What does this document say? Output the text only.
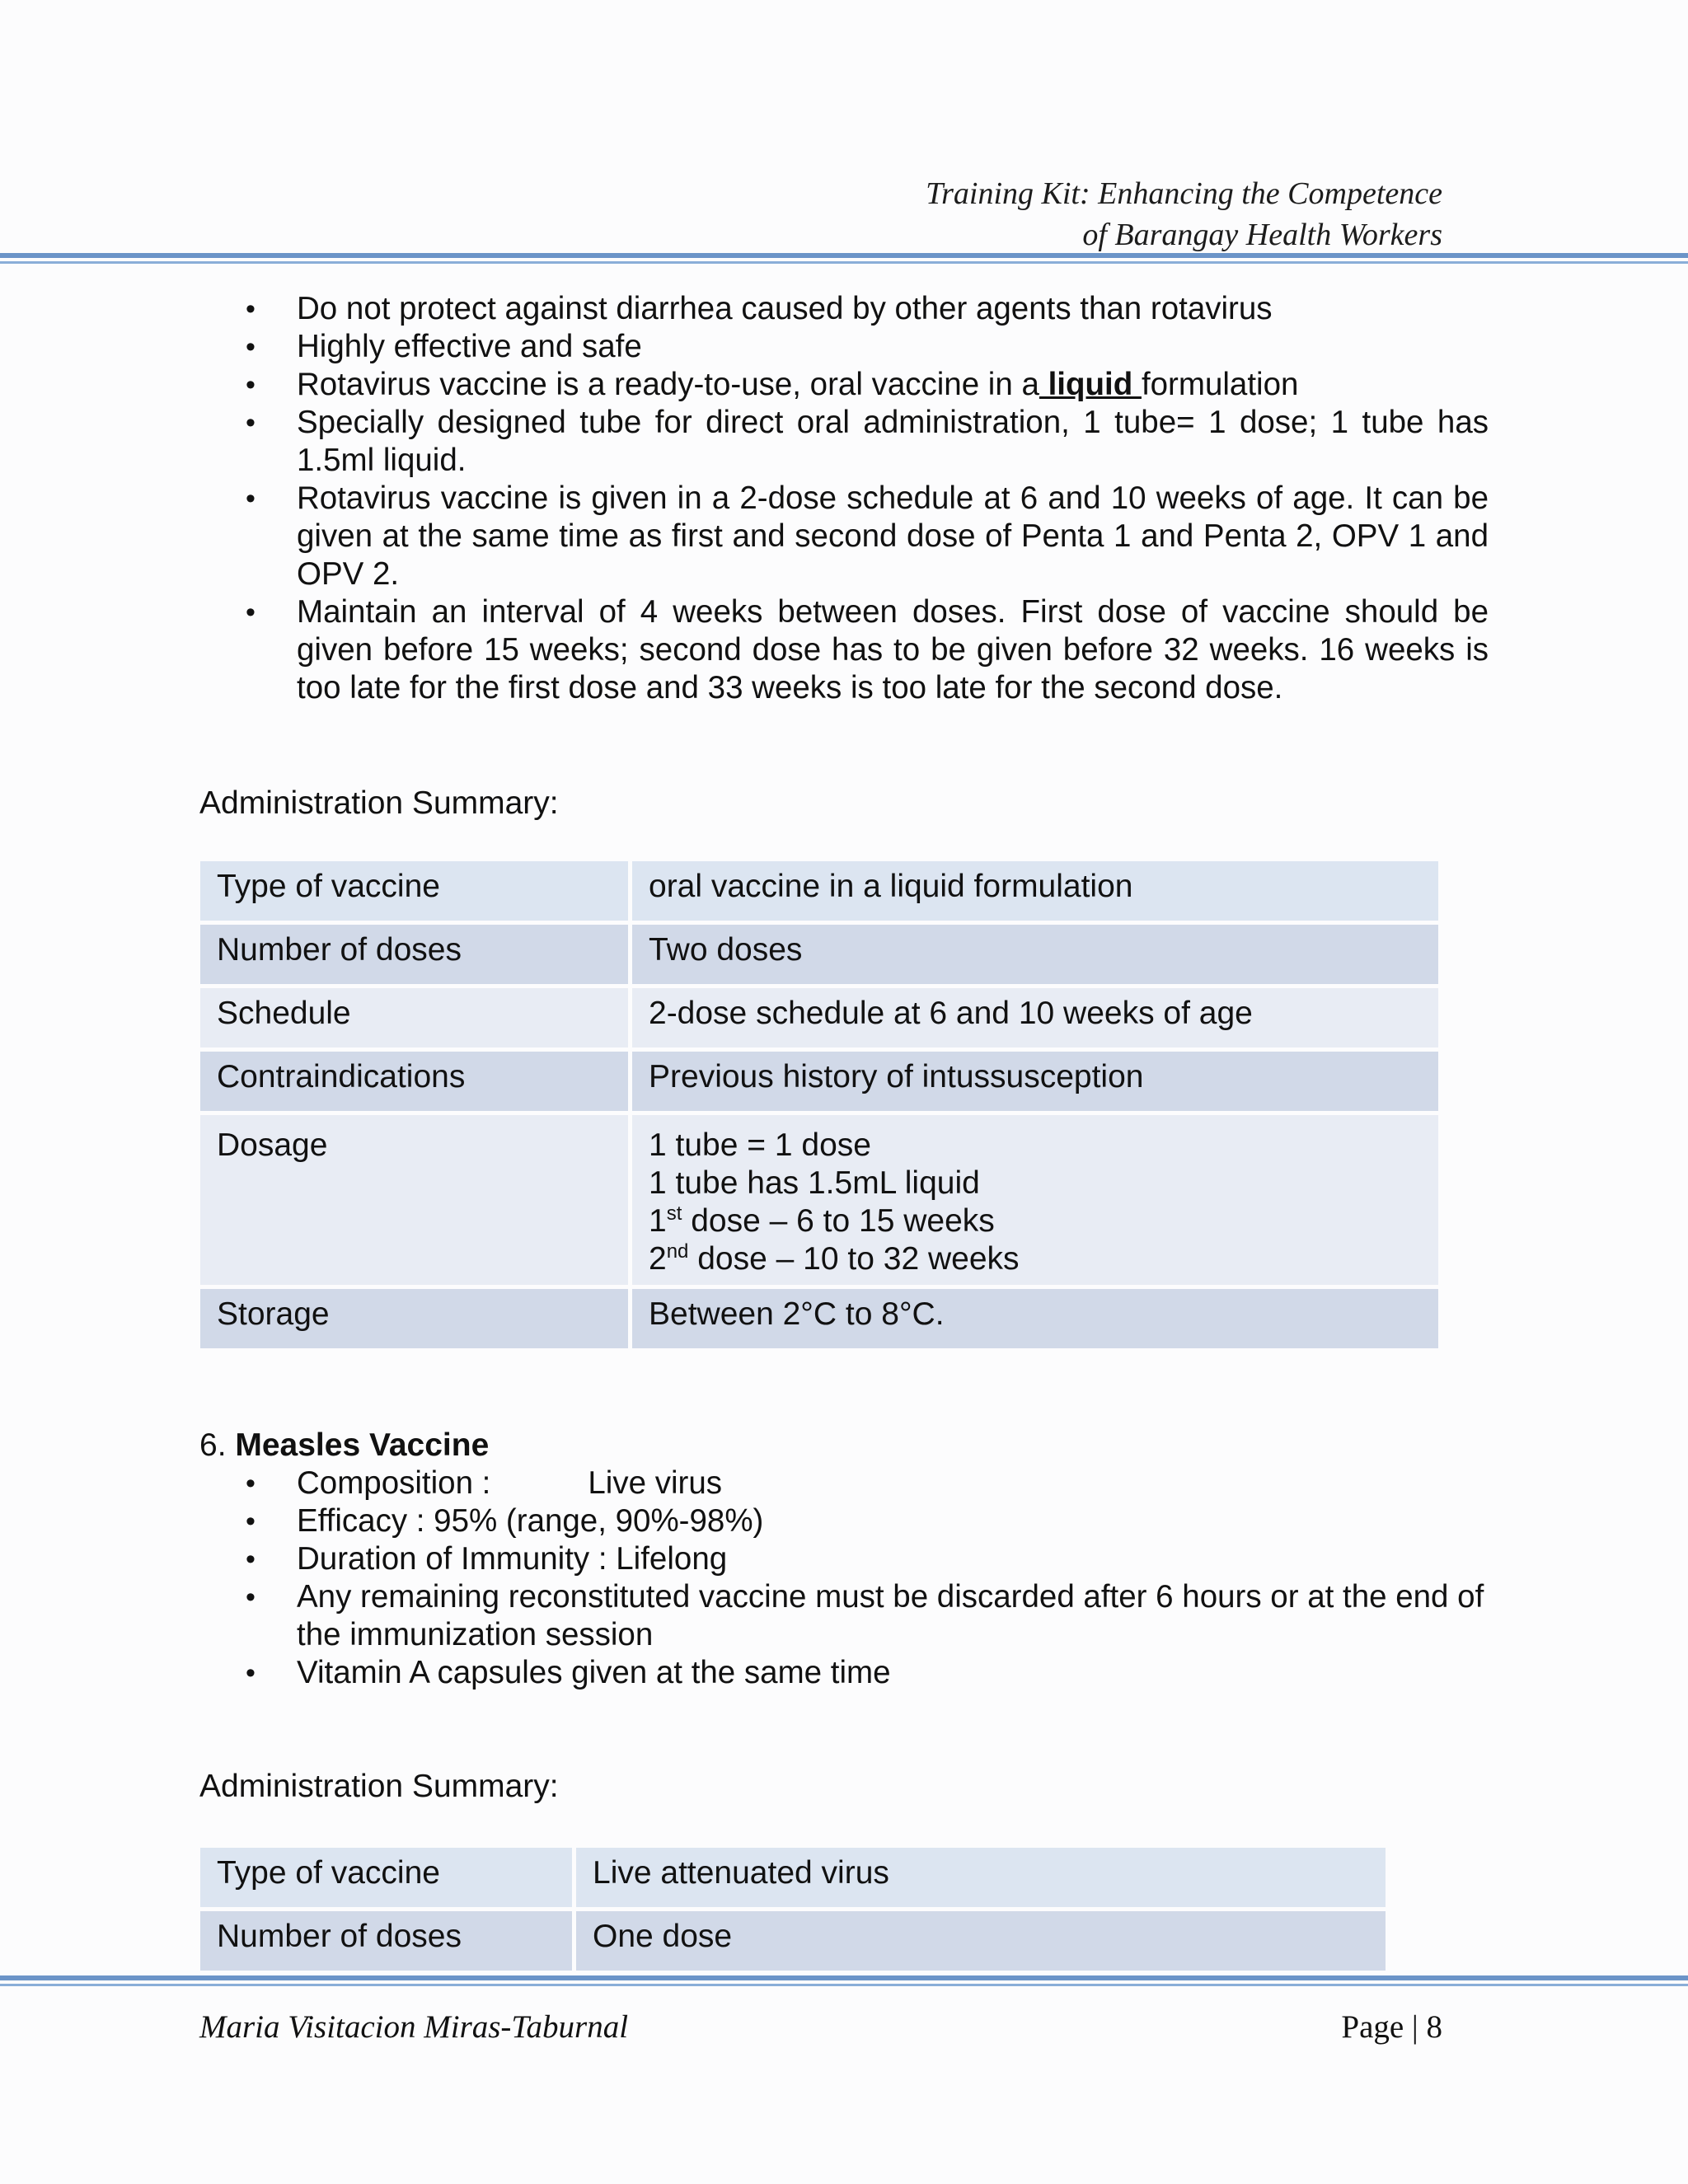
Training Kit: Enhancing the Competence
of Barangay Health Workers
• Do not protect against diarrhea caused by other agents than rotavirus
• Highly effective and safe
• Rotavirus vaccine is a ready-to-use, oral vaccine in a liquid formulation
• Specially designed tube for direct oral administration, 1 tube= 1 dose; 1 tube has 1.5ml liquid.
• Rotavirus vaccine is given in a 2-dose schedule at 6 and 10 weeks of age. It can be given at the same time as first and second dose of Penta 1 and Penta 2, OPV 1 and OPV 2.
• Maintain an interval of 4 weeks between doses. First dose of vaccine should be given before 15 weeks; second dose has to be given before 32 weeks. 16 weeks is too late for the first dose and 33 weeks is too late for the second dose.
Administration Summary:
Type of vaccine	oral vaccine in a liquid formulation
Number of doses	Two doses
Schedule	2-dose schedule at 6 and 10 weeks of age
Contraindications	Previous history of intussusception
Dosage	1 tube = 1 dose
1 tube has 1.5mL liquid
1st dose – 6 to 15 weeks
2nd dose – 10 to 32 weeks

Storage	Between 2°C to 8°C.
6. Measles Vaccine
• Composition :	Live virus
• Efficacy : 95% (range, 90%-98%)
• Duration of Immunity : Lifelong
• Any remaining reconstituted vaccine must be discarded after 6 hours or at the end of the immunization session
• Vitamin A capsules given at the same time
Administration Summary:
Type of vaccine	Live attenuated virus
Number of doses	One dose
Maria Visitacion Miras-Taburnal	Page | 8
